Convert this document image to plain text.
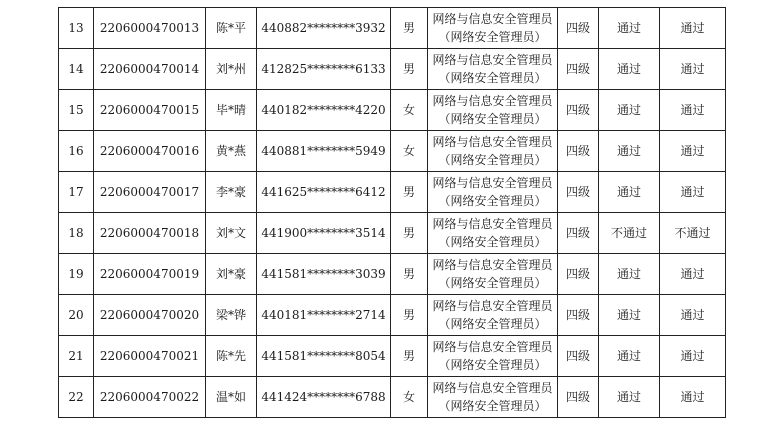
13	2206000470013	陈*平	440882********3932	男	网络与信息安全管理员
（网络安全管理员）	四级	通过	通过
14	2206000470014	刘*州	412825********6133	男	网络与信息安全管理员
（网络安全管理员）	四级	通过	通过
15	2206000470015	毕*晴	440182********4220	女	网络与信息安全管理员
（网络安全管理员）	四级	通过	通过
16	2206000470016	黄*燕	440881********5949	女	网络与信息安全管理员
（网络安全管理员）	四级	通过	通过
17	2206000470017	李*豪	441625********6412	男	网络与信息安全管理员
（网络安全管理员）	四级	通过	通过
18	2206000470018	刘*文	441900********3514	男	网络与信息安全管理员
（网络安全管理员）	四级	不通过	不通过
19	2206000470019	刘*豪	441581********3039	男	网络与信息安全管理员
（网络安全管理员）	四级	通过	通过
20	2206000470020	梁*铧	440181********2714	男	网络与信息安全管理员
（网络安全管理员）	四级	通过	通过
21	2206000470021	陈*先	441581********8054	男	网络与信息安全管理员
（网络安全管理员）	四级	通过	通过
22	2206000470022	温*如	441424********6788	女	网络与信息安全管理员
（网络安全管理员）	四级	通过	通过
